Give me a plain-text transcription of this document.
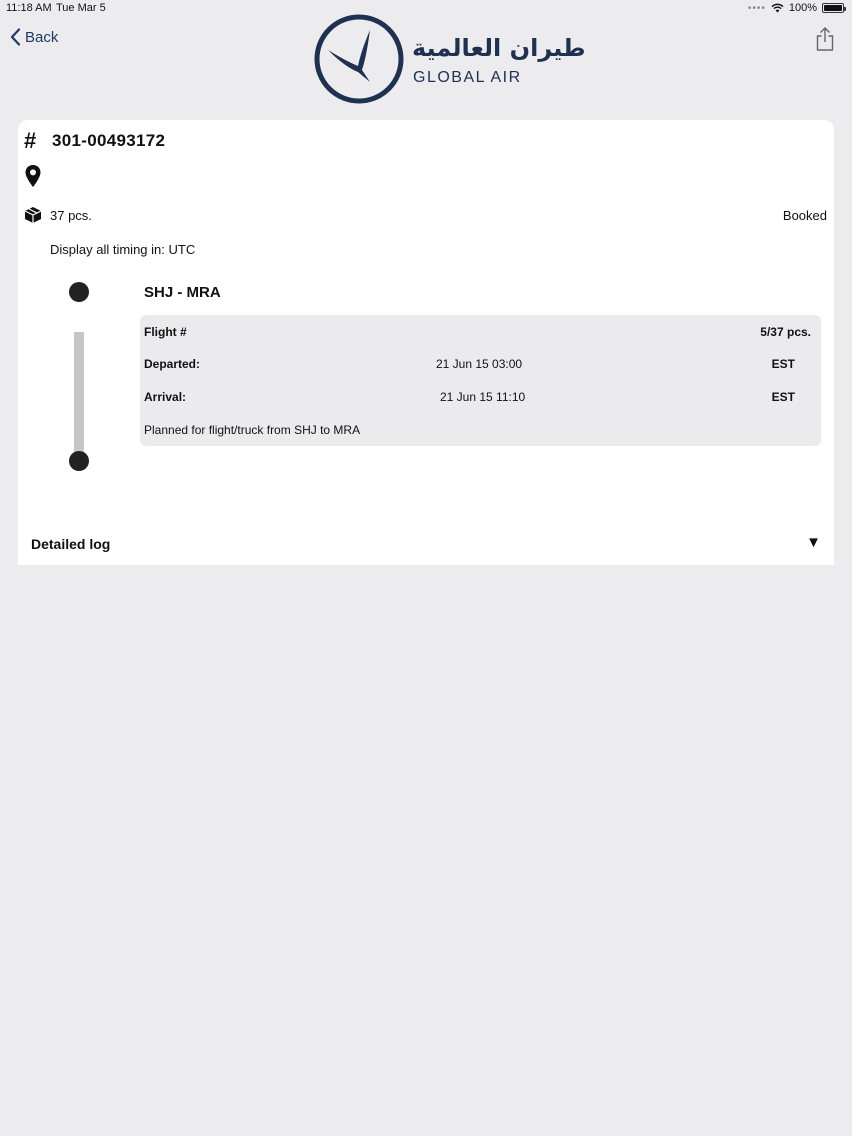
11:18 AM Tue Mar 5	•••• 100%
Back	طيران العالمية
GLOBAL AIR
# 301-00493172
37 pcs.	Booked
Display all timing in: UTC
SHJ - MRA
Flight #	5/37 pcs.
Departed:	21 Jun 15 03:00	EST
Arrival:	21 Jun 15 11:10	EST
Planned for flight/truck from SHJ to MRA
Detailed log	▼
